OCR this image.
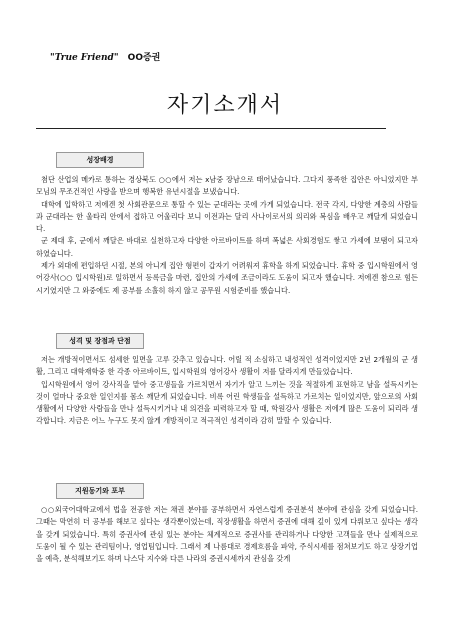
"True Friend" OO증권
자기소개서
성장배경

첨단 산업의 메카로 통하는 경상북도 ○○에서 저는 x남중 장남으로 태어났습니다. 그다지 풍족한 집안은 아니었지만 부모님의 무조건적인 사랑을 받으며 행복한 유년시절을 보냈습니다.

대학에 입학하고 저에겐 첫 사회관문으로 통할 수 있는 군대라는 곳에 가게 되었습니다. 전국 각지, 다양한 계층의 사람들과 군대라는 한 울타리 안에서 접하고 어울리다 보니 이전과는 달리 사나이로서의 의리와 복심을 배우고 깨달게 되었습니다.

군 제대 후, 군에서 깨달은 바대로 실천하고자 다양한 아르바이트를 하며 폭넓은 사회경험도 쌓고 가세에 보탬이 되고자 하였습니다.

제가 외대에 편입하던 시절, 본의 아니게 집안 형편이 갑자기 어려워져 휴학을 하게 되었습니다. 휴학 중 입시학원에서 영어강사(○○ 입시학원)로 일하면서 등록금을 마련, 집안의 가세에 조금이라도 도움이 되고자 했습니다. 저에겐 참으로 힘든 시기였지만 그 와중에도 제 공부를 소홀히 하지 않고 공무원 시험준비를 했습니다.

성격 및 장점과 단점

저는 개방적이면서도 섬세한 일면을 고루 갖추고 있습니다. 어릴 적 소심하고 내성적인 성격이었지만 2년 2개월의 군 생활, 그리고 대학재학중 한 각종 아르바이트, 입시학원의 영어강사 생활이 저를 달라지게 만들었습니다.

입시학원에서 영어 강사직을 맡아 중고생들을 가르치면서 자기가 알고 느끼는 것을 적절하게 표현하고 남을 설득시키는 것이 얼마나 중요한 일인지를 몸소 깨닫게 되었습니다. 비록 어린 학생들을 설득하고 가르치는 일이었지만, 앞으로의 사회생활에서 다양한 사람들을 만나 설득시키거나 내 의견을 피력하고자 할 때, 학원강사 생활은 저에게 많은 도움이 되리라 생각합니다. 지금은 어느 누구도 못지 않게 개방적이고 적극적인 성격이라 감히 말할 수 있습니다.

지원동기와 포부

○○외국어대학교에서 법을 전공한 저는 채권 분야를 공부하면서 자연스럽게 증권분석 분야에 관심을 갖게 되었습니다. 그때는 막연히 더 공부를 해보고 싶다는 생각뿐이었는데, 직장생활을 하면서 증권에 대해 깊이 있게 다뤄보고 싶다는 생각을 갖게 되었습니다. 특히 증권사에 관심 있는 분야는 체계적으로 증권사를 관리하거나 다양한 고객들을 만나 실제적으로 도움이 될 수 있는 관리팀이나, 영업팀입니다. 그래서 제 나름대로 경제흐름을 파악, 주식시세를 점쳐보기도 하고 상장기업을 예측, 분석해보기도 하며 나스닥 지수와 다른 나라의 증권시세까지 관심을 갖게
